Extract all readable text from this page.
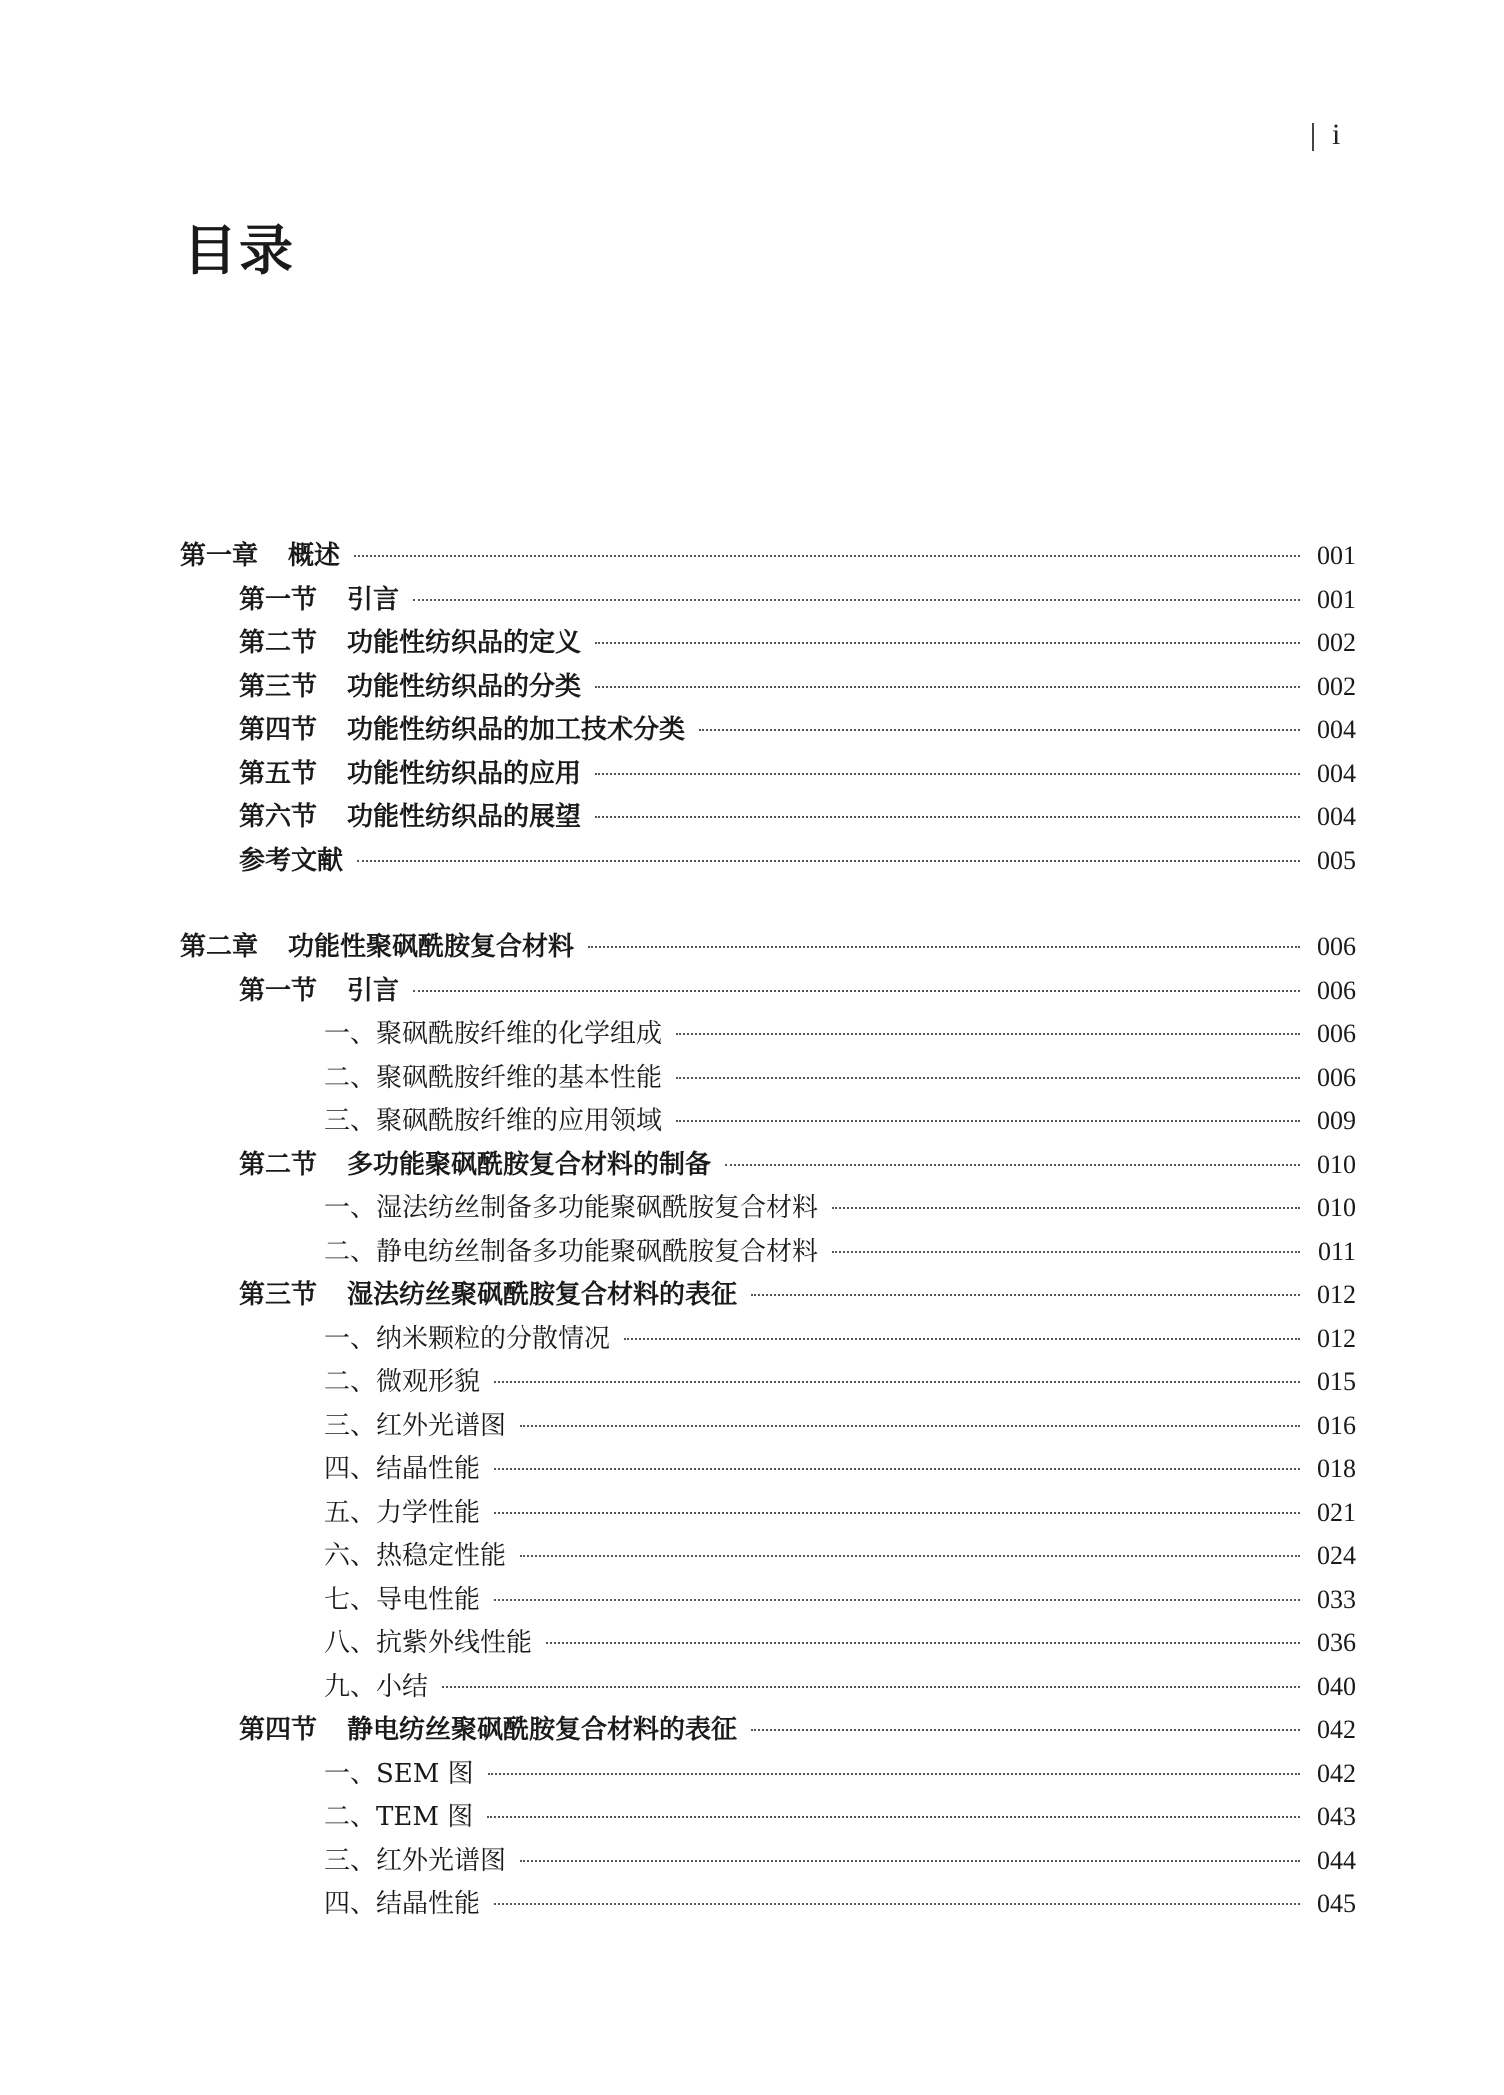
i
目录
第一章 概述	001
第一节 引言	001
第二节 功能性纺织品的定义	002
第三节 功能性纺织品的分类	002
第四节 功能性纺织品的加工技术分类	004
第五节 功能性纺织品的应用	004
第六节 功能性纺织品的展望	004
参考文献	005
第二章 功能性聚砜酰胺复合材料	006
第一节 引言	006
一、聚砜酰胺纤维的化学组成	006
二、聚砜酰胺纤维的基本性能	006
三、聚砜酰胺纤维的应用领域	009
第二节 多功能聚砜酰胺复合材料的制备	010
一、湿法纺丝制备多功能聚砜酰胺复合材料	010
二、静电纺丝制备多功能聚砜酰胺复合材料	011
第三节 湿法纺丝聚砜酰胺复合材料的表征	012
一、纳米颗粒的分散情况	012
二、微观形貌	015
三、红外光谱图	016
四、结晶性能	018
五、力学性能	021
六、热稳定性能	024
七、导电性能	033
八、抗紫外线性能	036
九、小结	040
第四节 静电纺丝聚砜酰胺复合材料的表征	042
一、SEM 图	042
二、TEM 图	043
三、红外光谱图	044
四、结晶性能	045
